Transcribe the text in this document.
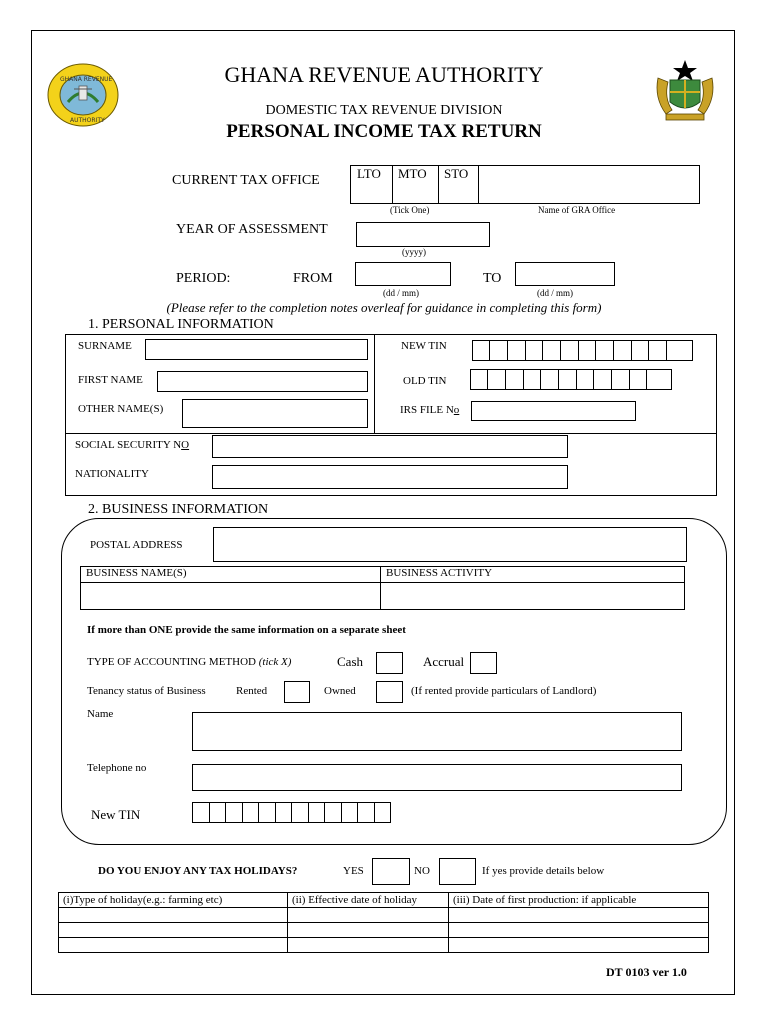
GHANA REVENUE
AUTHORITY
GHANA REVENUE AUTHORITY
DOMESTIC TAX REVENUE DIVISION
PERSONAL INCOME TAX RETURN
CURRENT TAX OFFICE	LTO MTO STO
(Tick One)	Name of GRA Office
YEAR OF ASSESSMENT
(yyyy)
PERIOD:	FROM
(dd / mm)
TO
(dd / mm)
(Please refer to the completion notes overleaf for guidance in completing this form)
1. PERSONAL INFORMATION
SURNAME
FIRST NAME
OTHER NAME(S)
NEW TIN
OLD TIN
IRS FILE No
SOCIAL SECURITY NO
NATIONALITY
2. BUSINESS INFORMATION
POSTAL ADDRESS
BUSINESS NAME(S)	BUSINESS ACTIVITY
If more than ONE provide the same information on a separate sheet
TYPE OF ACCOUNTING METHOD (tick X)	Cash	Accrual
Tenancy status of Business	Rented	Owned	(If rented provide particulars of Landlord)
Name
Telephone no
New TIN
DO YOU ENJOY ANY TAX HOLIDAYS?	YES	NO	If yes provide details below
(i)Type of holiday(e.g.: farming etc)	(ii) Effective date of holiday	(iii) Date of first production: if applicable

DT 0103 ver 1.0
